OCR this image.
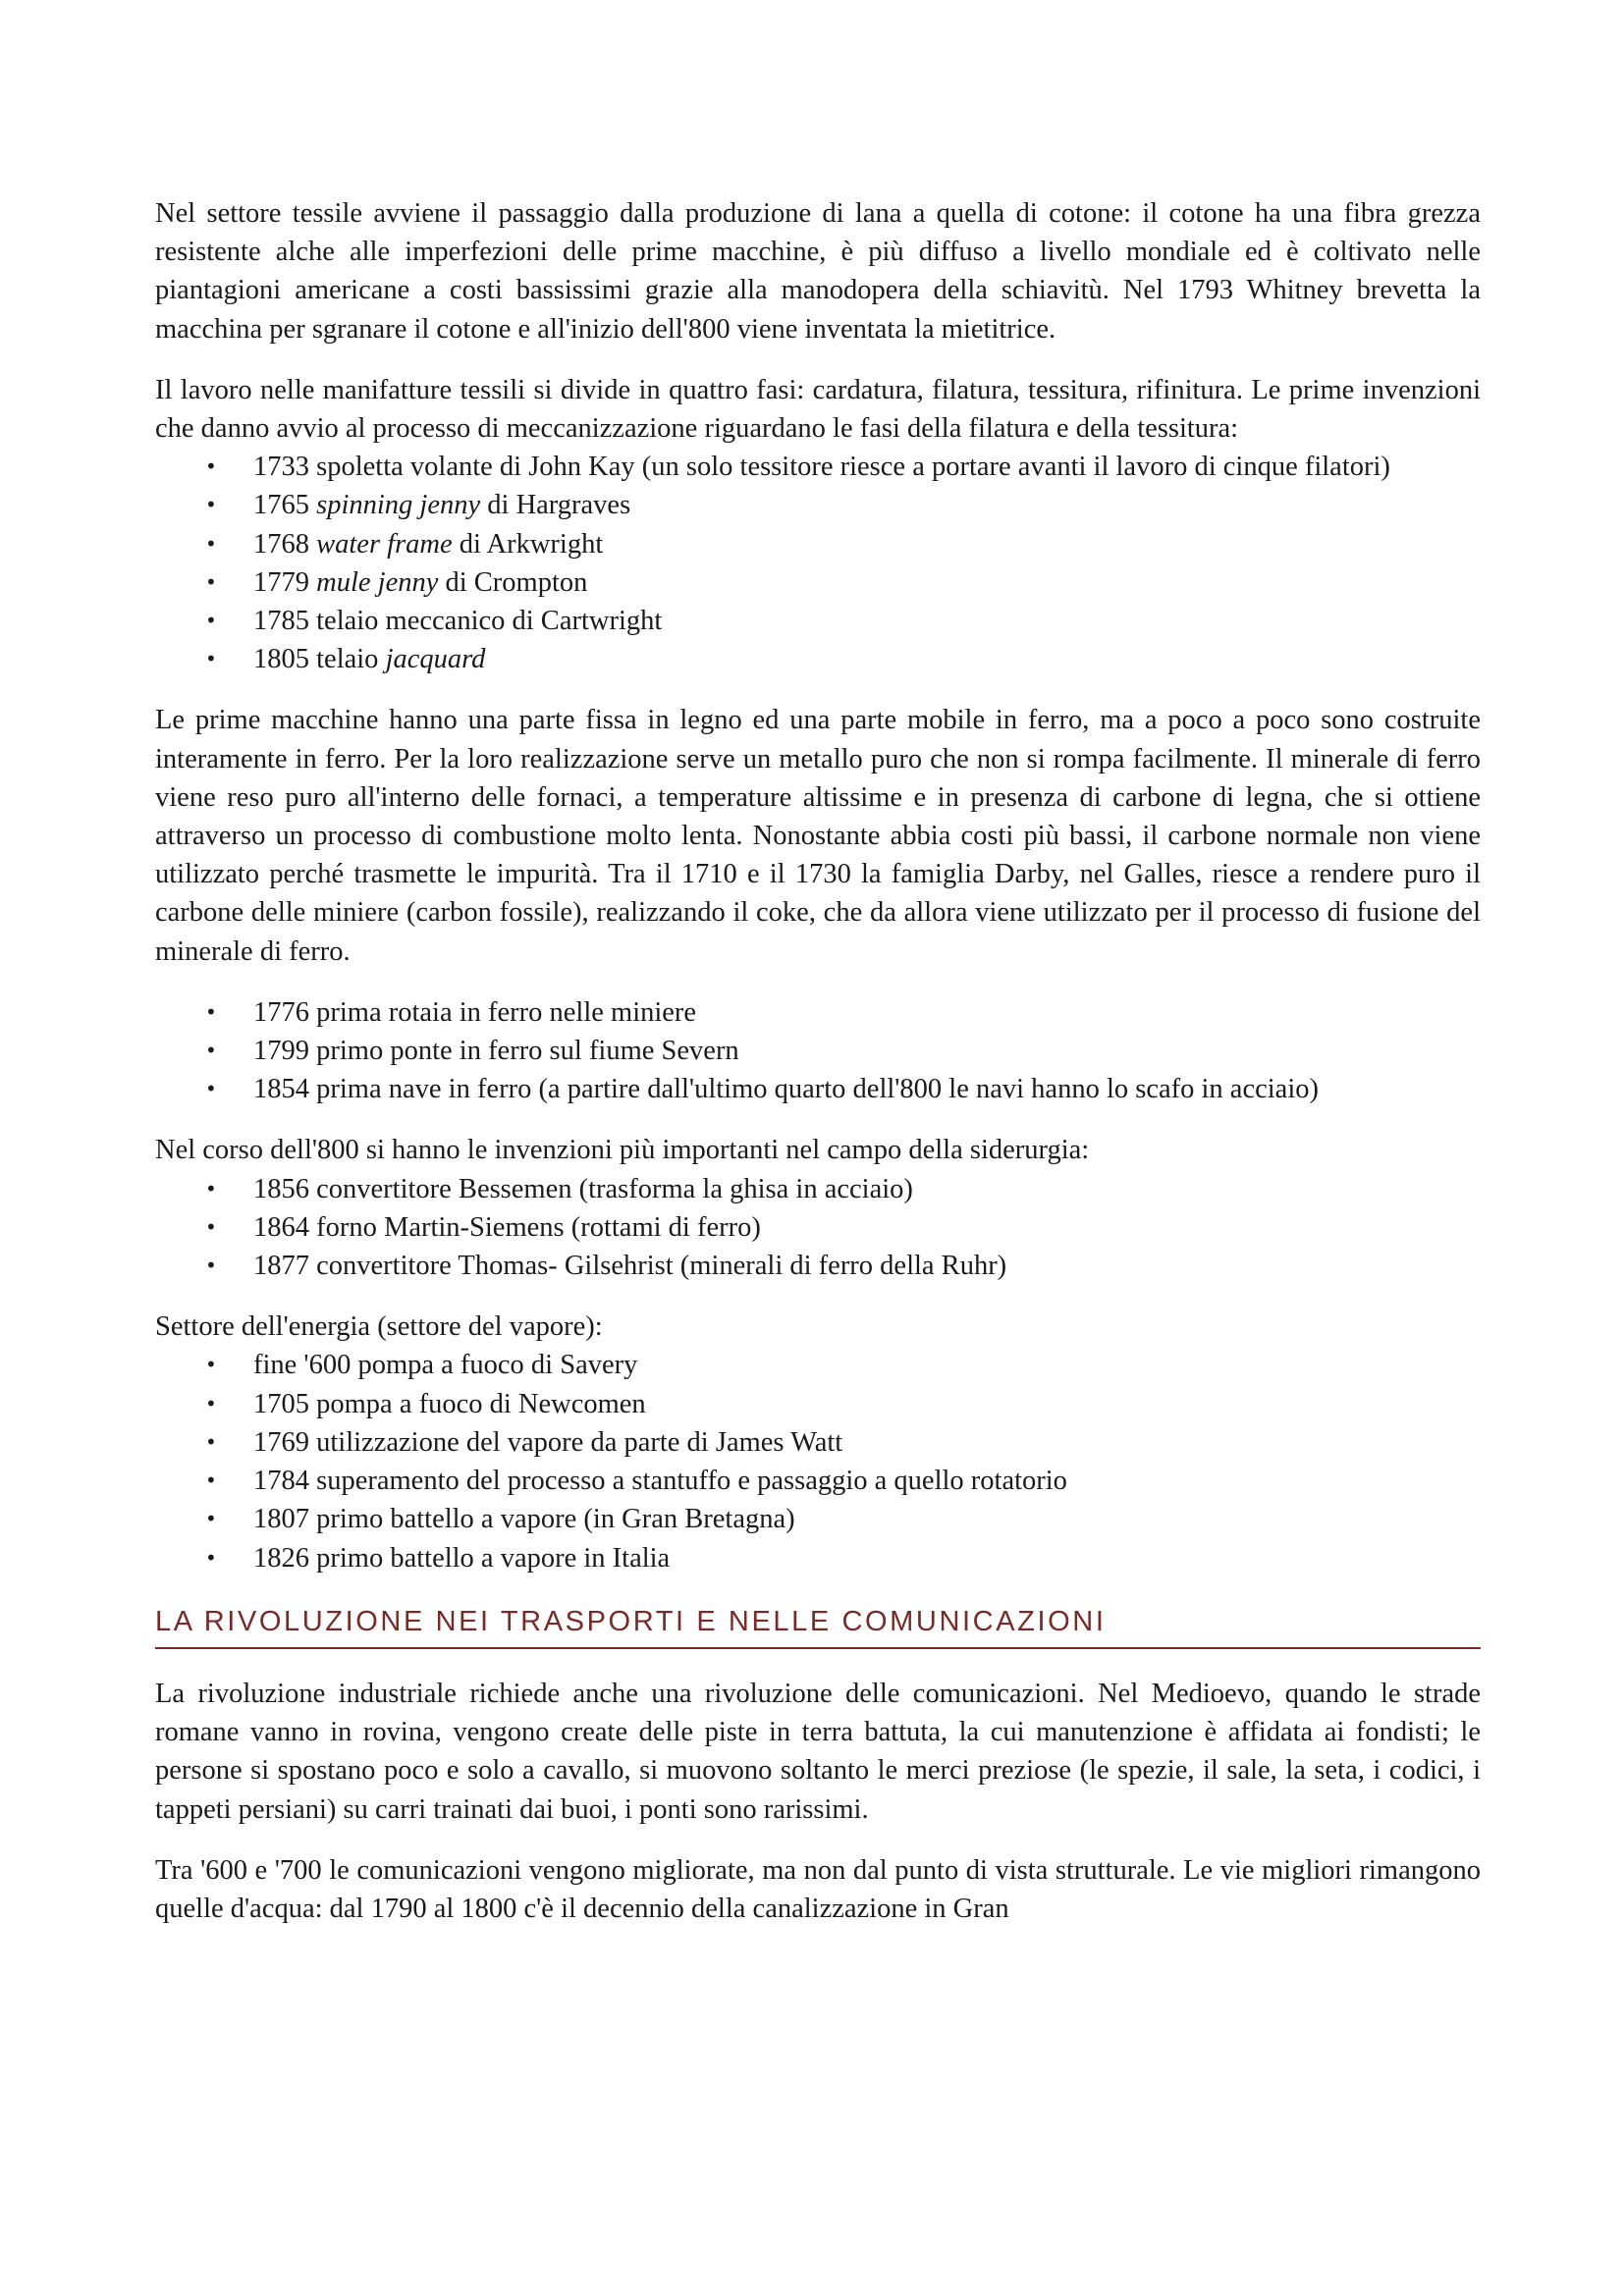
Nel settore tessile avviene il passaggio dalla produzione di lana a quella di cotone: il cotone ha una fibra grezza resistente alche alle imperfezioni delle prime macchine, è più diffuso a livello mondiale ed è coltivato nelle piantagioni americane a costi bassissimi grazie alla manodopera della schiavitù. Nel 1793 Whitney brevetta la macchina per sgranare il cotone e all'inizio dell'800 viene inventata la mietitrice.

Il lavoro nelle manifatture tessili si divide in quattro fasi: cardatura, filatura, tessitura, rifinitura. Le prime invenzioni che danno avvio al processo di meccanizzazione riguardano le fasi della filatura e della tessitura:

• 1733 spoletta volante di John Kay (un solo tessitore riesce a portare avanti il lavoro di cinque filatori)
• 1765 spinning jenny di Hargraves
• 1768 water frame di Arkwright
• 1779 mule jenny di Crompton
• 1785 telaio meccanico di Cartwright
• 1805 telaio jacquard

Le prime macchine hanno una parte fissa in legno ed una parte mobile in ferro, ma a poco a poco sono costruite interamente in ferro. Per la loro realizzazione serve un metallo puro che non si rompa facilmente. Il minerale di ferro viene reso puro all'interno delle fornaci, a temperature altissime e in presenza di carbone di legna, che si ottiene attraverso un processo di combustione molto lenta. Nonostante abbia costi più bassi, il carbone normale non viene utilizzato perché trasmette le impurità. Tra il 1710 e il 1730 la famiglia Darby, nel Galles, riesce a rendere puro il carbone delle miniere (carbon fossile), realizzando il coke, che da allora viene utilizzato per il processo di fusione del minerale di ferro.

• 1776 prima rotaia in ferro nelle miniere
• 1799 primo ponte in ferro sul fiume Severn
• 1854 prima nave in ferro (a partire dall'ultimo quarto dell'800 le navi hanno lo scafo in acciaio)

Nel corso dell'800 si hanno le invenzioni più importanti nel campo della siderurgia:

• 1856 convertitore Bessemen (trasforma la ghisa in acciaio)
• 1864 forno Martin-Siemens (rottami di ferro)
• 1877 convertitore Thomas- Gilsehrist (minerali di ferro della Ruhr)

Settore dell'energia (settore del vapore):

• fine '600 pompa a fuoco di Savery
• 1705 pompa a fuoco di Newcomen
• 1769 utilizzazione del vapore da parte di James Watt
• 1784 superamento del processo a stantuffo e passaggio a quello rotatorio
• 1807 primo battello a vapore (in Gran Bretagna)
• 1826 primo battello a vapore in Italia
LA RIVOLUZIONE NEI TRASPORTI E NELLE COMUNICAZIONI

La rivoluzione industriale richiede anche una rivoluzione delle comunicazioni. Nel Medioevo, quando le strade romane vanno in rovina, vengono create delle piste in terra battuta, la cui manutenzione è affidata ai fondisti; le persone si spostano poco e solo a cavallo, si muovono soltanto le merci preziose (le spezie, il sale, la seta, i codici, i tappeti persiani) su carri trainati dai buoi, i ponti sono rarissimi.

Tra '600 e '700 le comunicazioni vengono migliorate, ma non dal punto di vista strutturale. Le vie migliori rimangono quelle d'acqua: dal 1790 al 1800 c'è il decennio della canalizzazione in Gran
